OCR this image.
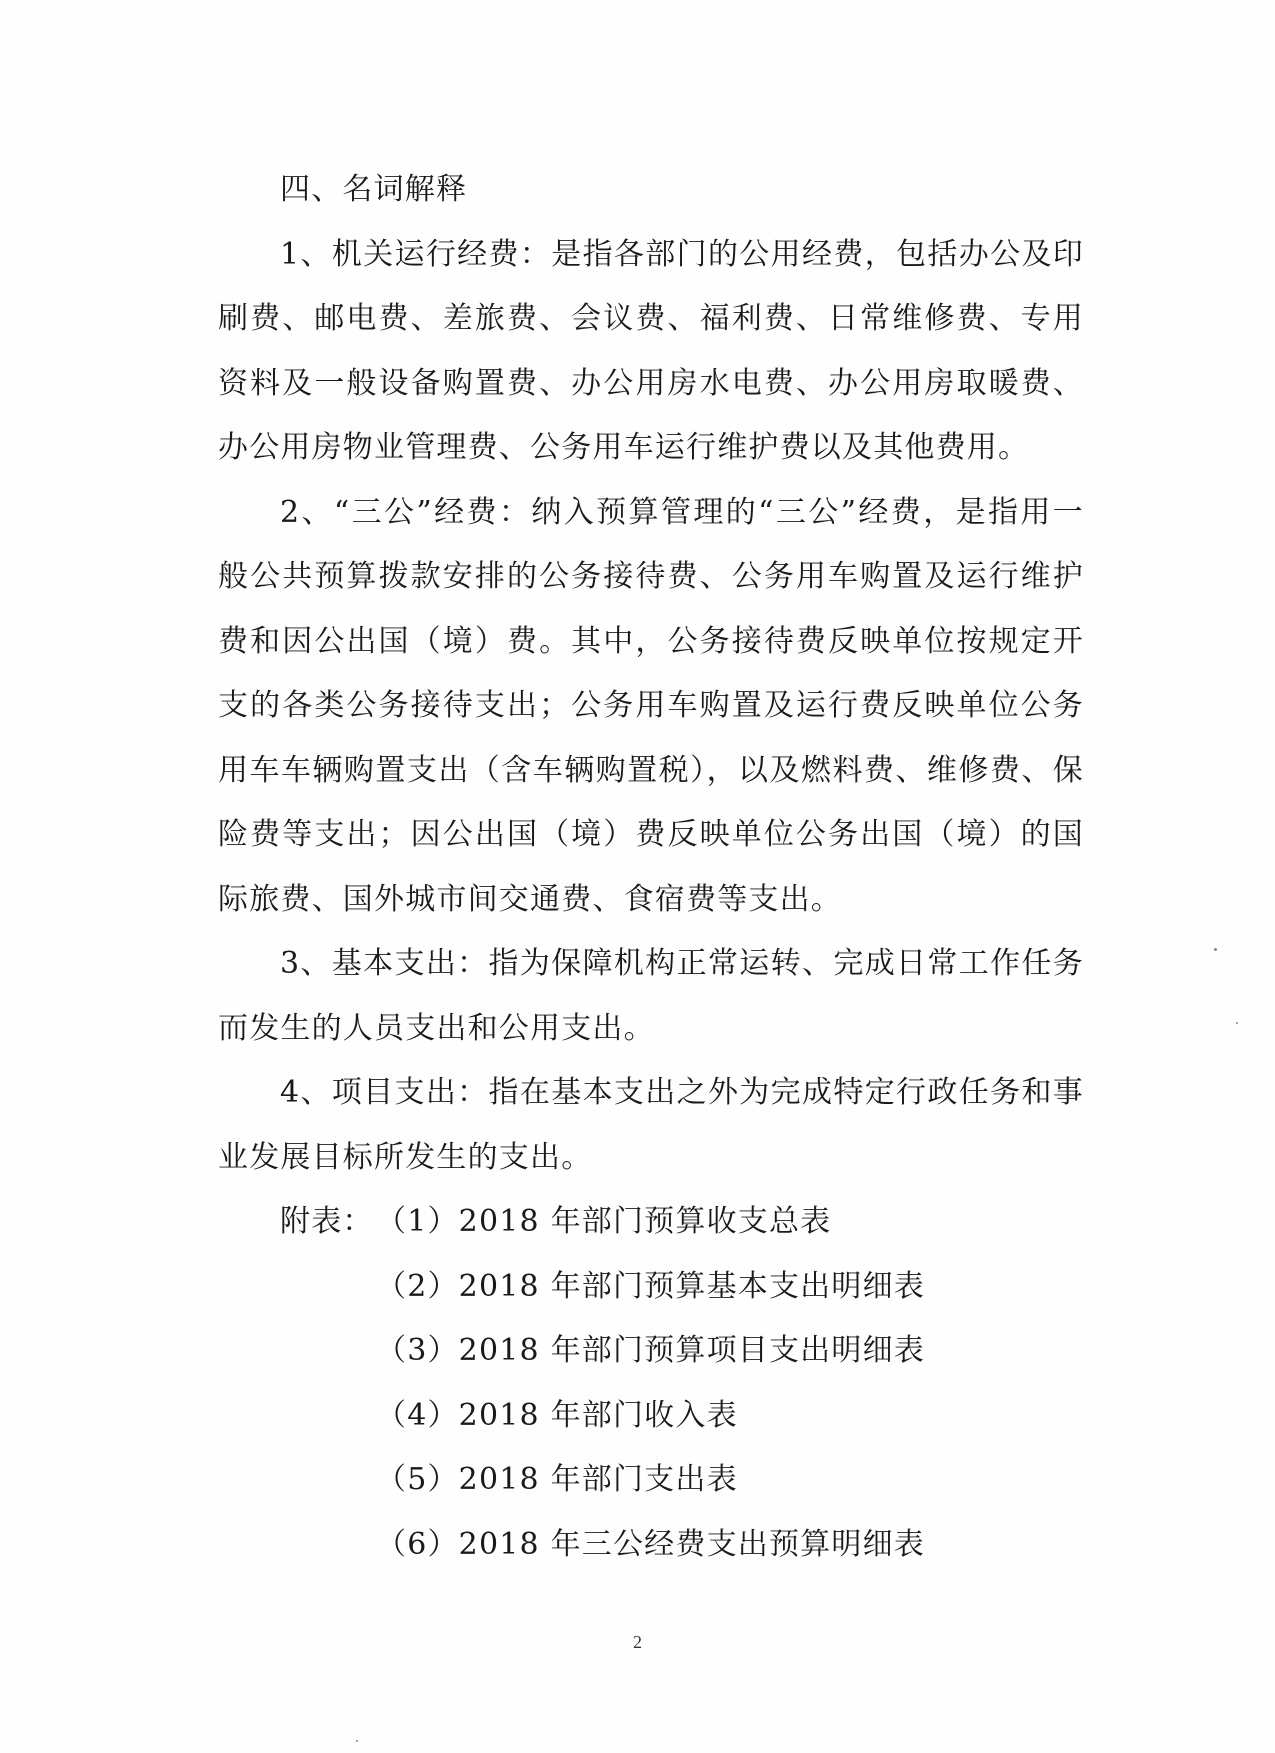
四、名词解释

1、机关运行经费：是指各部门的公用经费，包括办公及印刷费、邮电费、差旅费、会议费、福利费、日常维修费、专用资料及一般设备购置费、办公用房水电费、办公用房取暖费、办公用房物业管理费、公务用车运行维护费以及其他费用。

2、“三公”经费：纳入预算管理的“三公”经费，是指用一般公共预算拨款安排的公务接待费、公务用车购置及运行维护费和因公出国（境）费。其中，公务接待费反映单位按规定开支的各类公务接待支出；公务用车购置及运行费反映单位公务用车车辆购置支出（含车辆购置税），以及燃料费、维修费、保险费等支出；因公出国（境）费反映单位公务出国（境）的国际旅费、国外城市间交通费、食宿费等支出。

3、基本支出：指为保障机构正常运转、完成日常工作任务而发生的人员支出和公用支出。

4、项目支出：指在基本支出之外为完成特定行政任务和事业发展目标所发生的支出。

附表： （1）2018 年部门预算收支总表
（2）2018 年部门预算基本支出明细表
（3）2018 年部门预算项目支出明细表
（4）2018 年部门收入表
（5）2018 年部门支出表
（6）2018 年三公经费支出预算明细表
2
